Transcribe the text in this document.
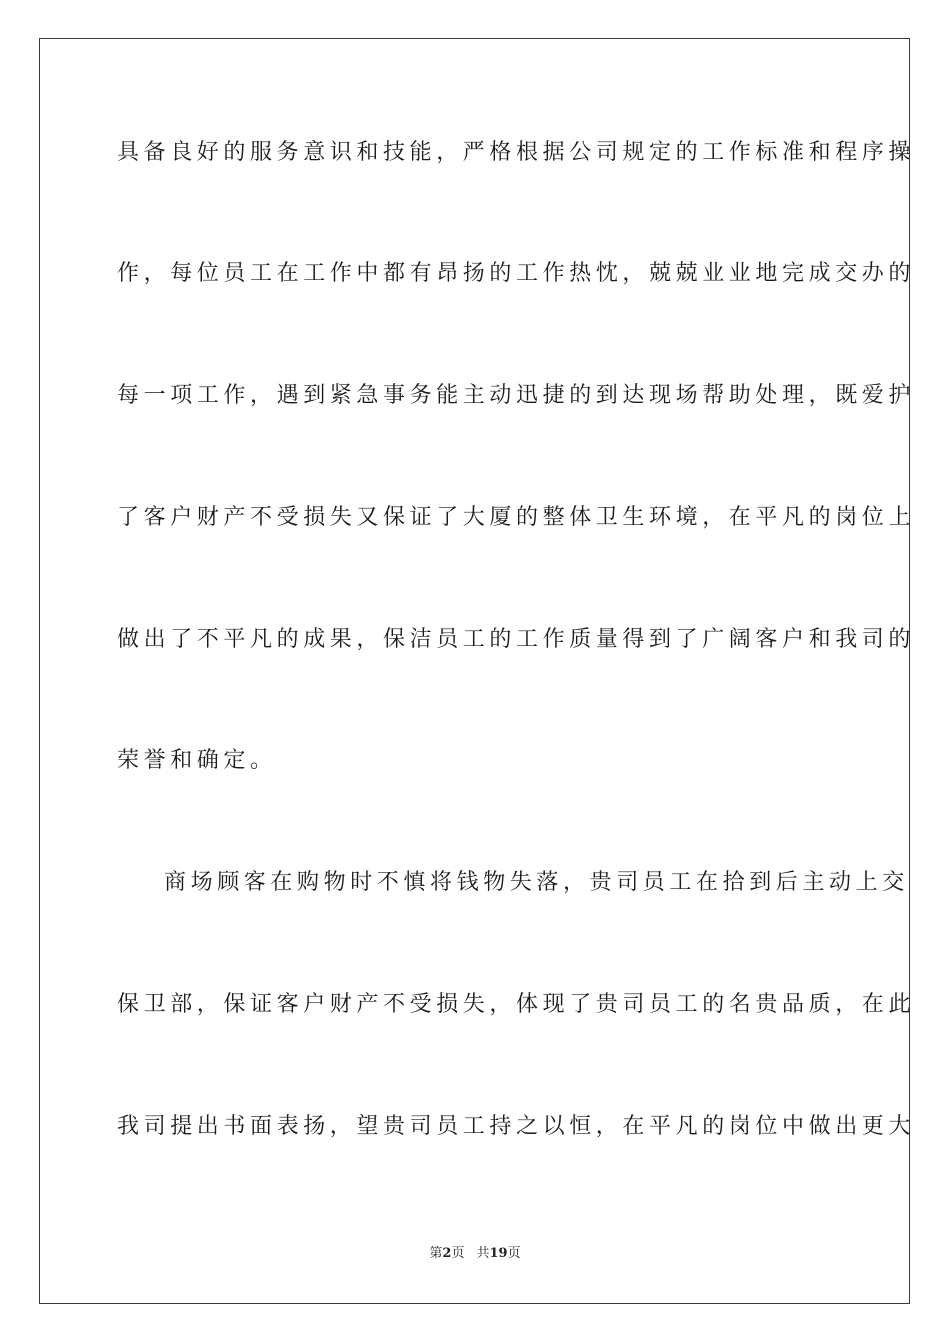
具备良好的服务意识和技能，严格根据公司规定的工作标准和程序操
作，每位员工在工作中都有昂扬的工作热忱，兢兢业业地完成交办的
每一项工作，遇到紧急事务能主动迅捷的到达现场帮助处理，既爱护
了客户财产不受损失又保证了大厦的整体卫生环境，在平凡的岗位上
做出了不平凡的成果，保洁员工的工作质量得到了广阔客户和我司的
荣誉和确定。
商场顾客在购物时不慎将钱物失落，贵司员工在拾到后主动上交
保卫部，保证客户财产不受损失，体现了贵司员工的名贵品质，在此
我司提出书面表扬，望贵司员工持之以恒，在平凡的岗位中做出更大
第2页 共19页
